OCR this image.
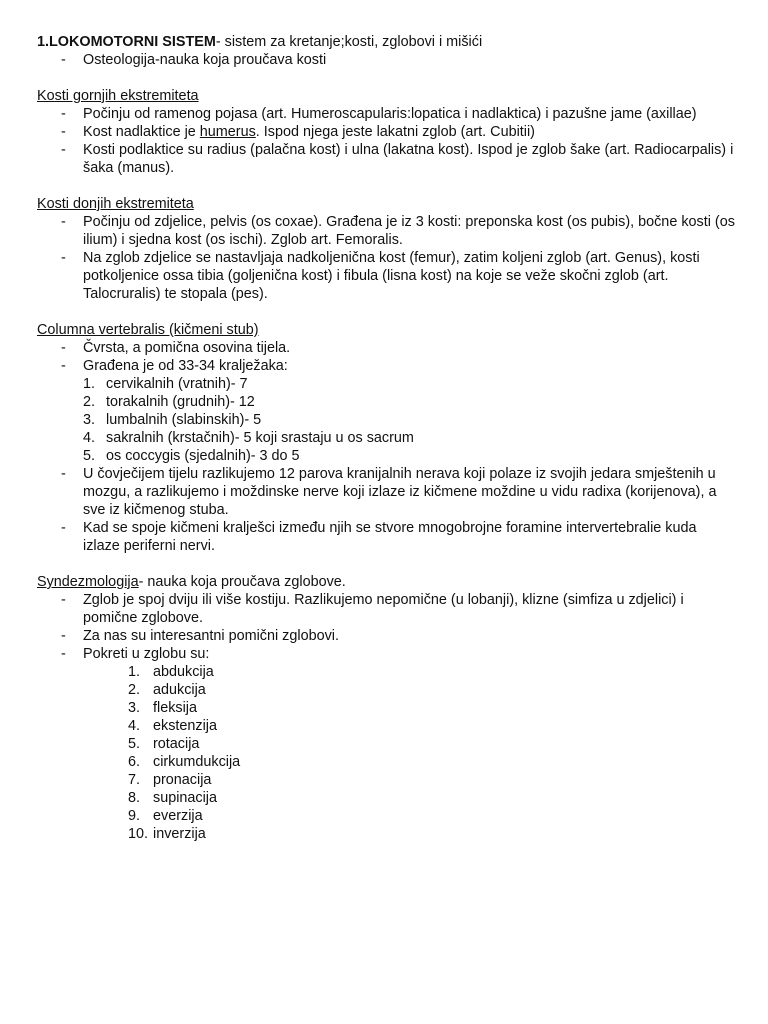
1.LOKOMOTORNI SISTEM- sistem za kretanje;kosti, zglobovi i mišići

- Osteologija-nauka koja proučava kosti

Kosti gornjih ekstremiteta

- Počinju od ramenog pojasa (art. Humeroscapularis:lopatica i nadlaktica) i pazušne jame (axillae)
- Kost nadlaktice je humerus. Ispod njega jeste lakatni zglob (art. Cubitii)
- Kosti podlaktice su radius (palačna kost) i ulna (lakatna kost). Ispod je zglob šake (art. Radiocarpalis) i šaka (manus).

Kosti donjih ekstremiteta

- Počinju od zdjelice, pelvis (os coxae). Građena je iz 3 kosti: preponska kost (os pubis), bočne kosti (os ilium) i sjedna kost (os ischi). Zglob art. Femoralis.
- Na zglob zdjelice se nastavljaja nadkoljenična kost (femur), zatim koljeni zglob (art. Genus), kosti potkoljenice ossa tibia (goljenična kost) i fibula (lisna kost) na koje se veže skočni zglob (art. Talocruralis) te stopala (pes).

Columna vertebralis (kičmeni stub)

- Čvrsta, a pomična osovina tijela.
- Građena je od 33-34 kralježaka:
1. cervikalnih (vratnih)- 7
2. torakalnih (grudnih)- 12
3. lumbalnih (slabinskih)- 5
4. sakralnih (krstačnih)- 5 koji srastaju u os sacrum
5. os coccygis (sjedalnih)- 3 do 5
- U čovječijem tijelu razlikujemo 12 parova kranijalnih nerava koji polaze iz svojih jedara smještenih u mozgu, a razlikujemo i moždinske nerve koji izlaze iz kičmene moždine u vidu radixa (korijenova), a sve iz kičmenog stuba.
- Kad se spoje kičmeni kralješci između njih se stvore mnogobrojne foramine intervertebralie kuda izlaze periferni nervi.

Syndezmologija- nauka koja proučava zglobove.

- Zglob je spoj dviju ili više kostiju. Razlikujemo nepomične (u lobanji), klizne (simfiza u zdjelici) i pomične zglobove.
- Za nas su interesantni pomični zglobovi.
- Pokreti u zglobu su:
1. abdukcija
2. adukcija
3. fleksija
4. ekstenzija
5. rotacija
6. cirkumdukcija
7. pronacija
8. supinacija
9. everzija
10. inverzija
